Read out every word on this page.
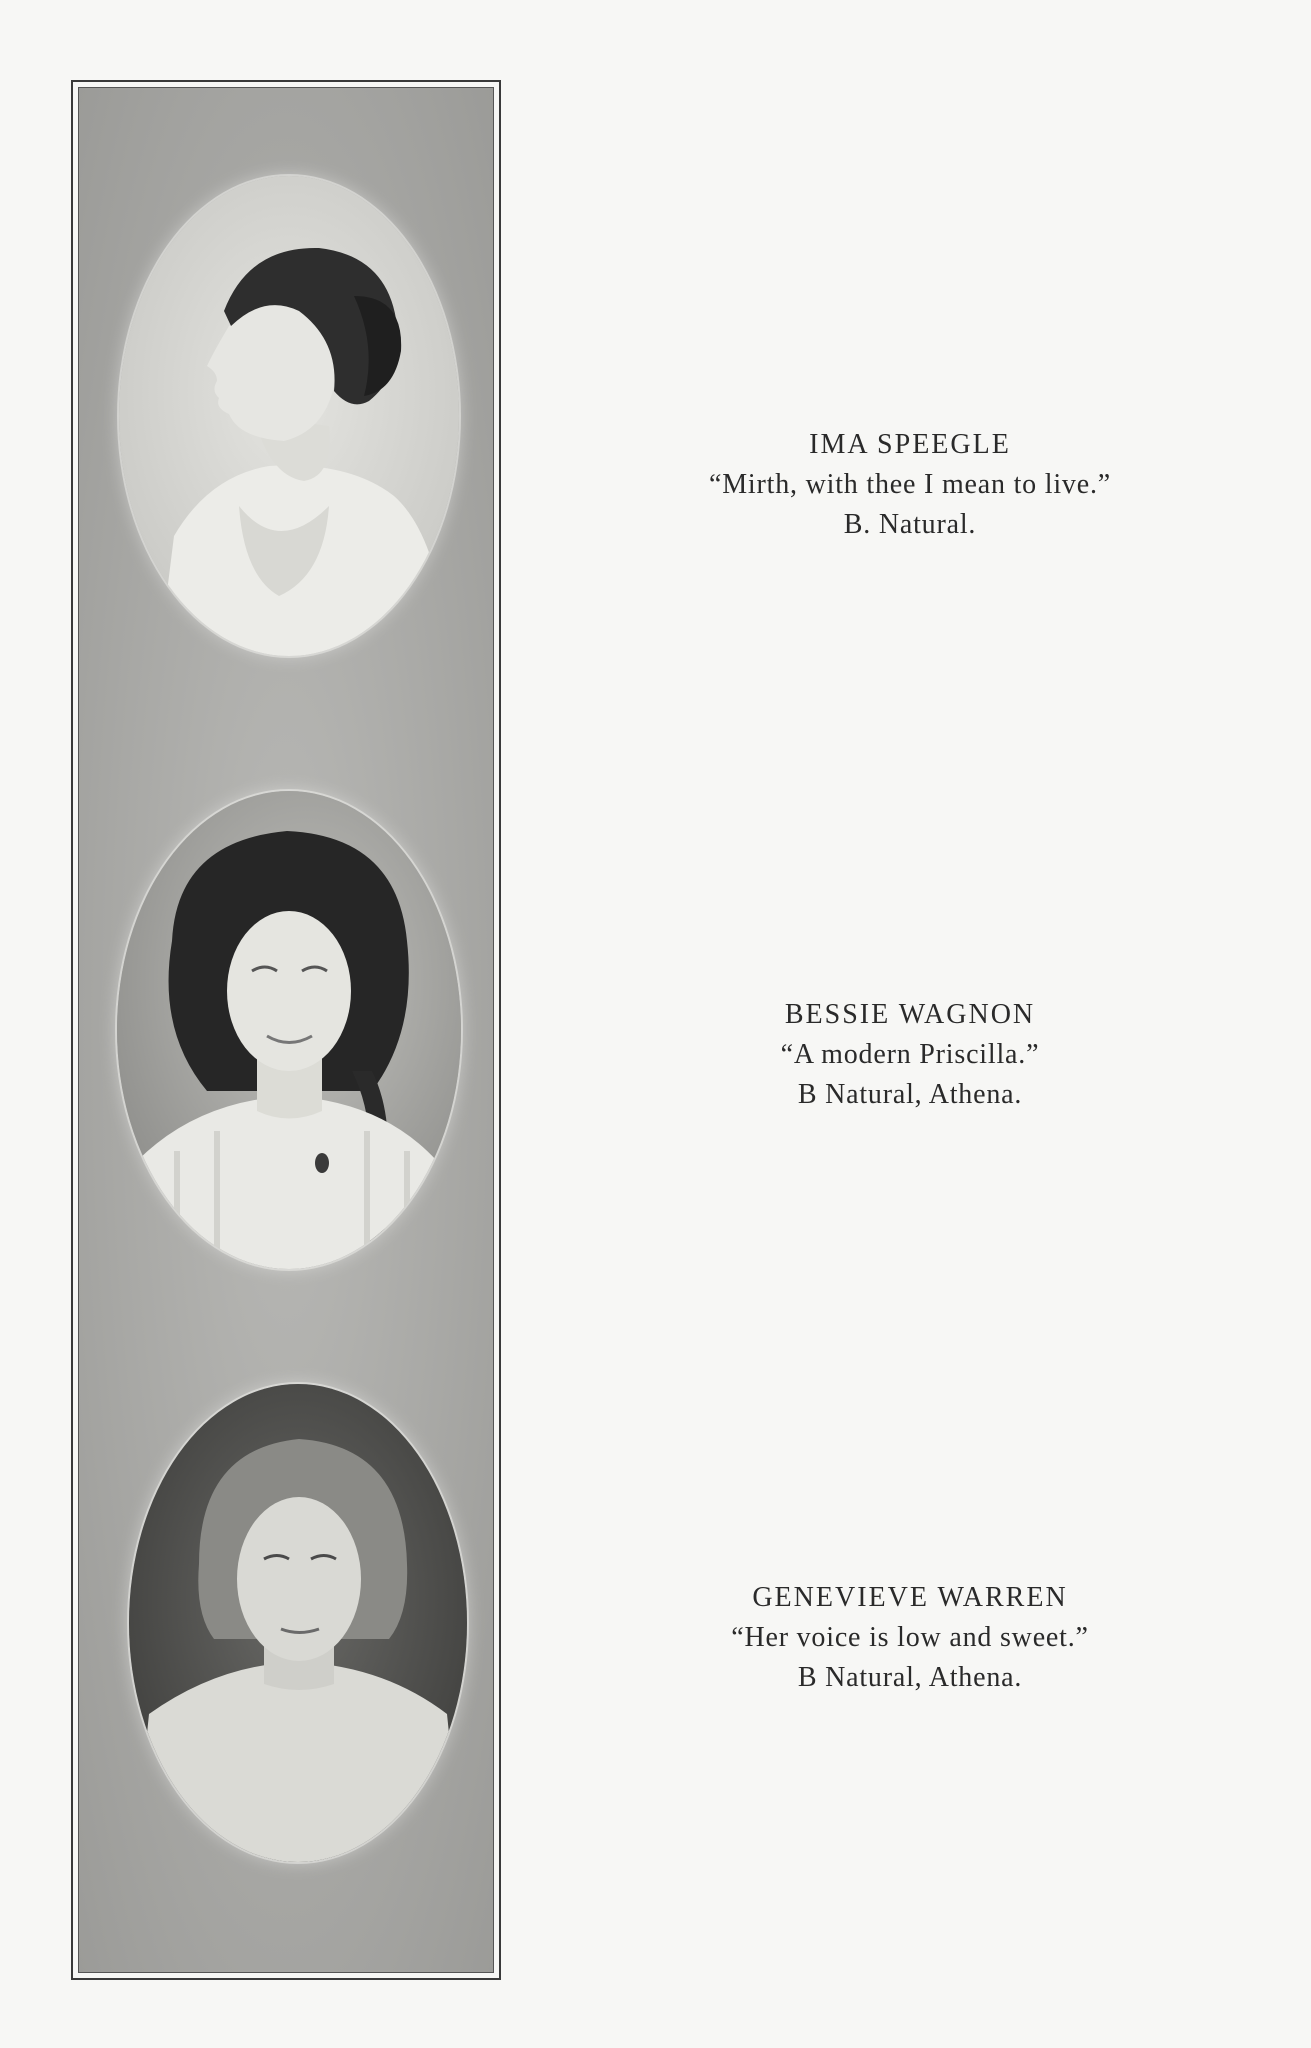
IMA SPEEGLE
“Mirth, with thee I mean to live.”
B. Natural.
BESSIE WAGNON
“A modern Priscilla.”
B Natural, Athena.
GENEVIEVE WARREN
“Her voice is low and sweet.”
B Natural, Athena.
